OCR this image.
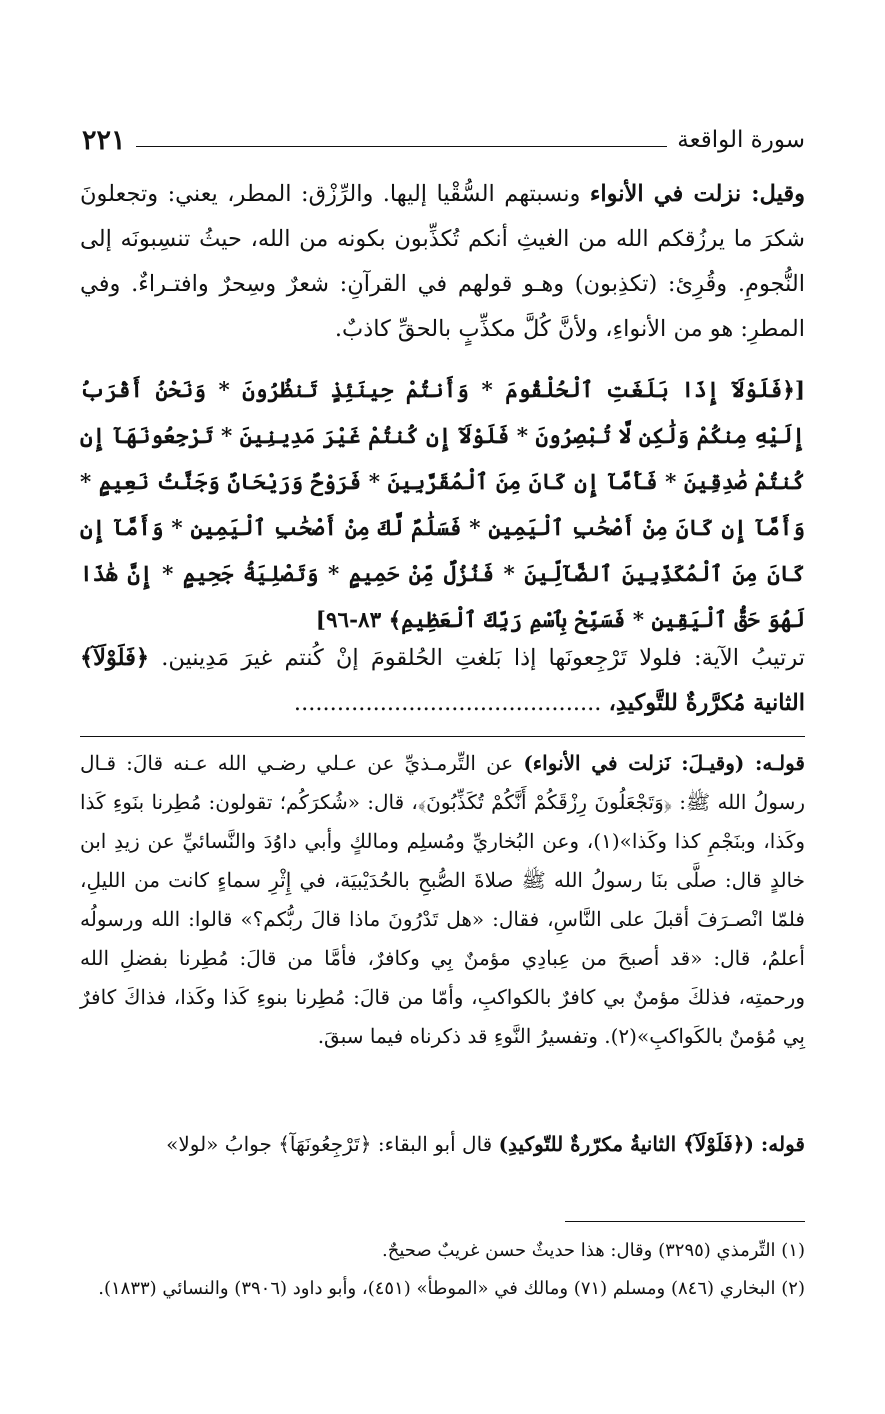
سورة الواقعة
٢٢١

وقيل: نزلت في الأنواء ونسبتهم السُّقْيا إليها. والرِّزْق: المطر، يعني: وتجعلونَ شكرَ ما يرزُقكم الله من الغيثِ أنكم تُكذِّبون بكونه من الله، حيثُ تنسِبونَه إلى النُّجومِ. وقُرِئ: (تكذِبون) وهـو قولهم في القرآنِ: شعرٌ وسِحرٌ وافتـراءٌ. وفي المطرِ: هو من الأنواءِ، ولأنَّ كُلَّ مكذِّبٍ بالحقِّ كاذبٌ.

[﴿فَلَوْلَآ إِذَا بَلَغَتِ ٱلْحُلْقُومَ * وَأَنتُمْ حِينَئِذٍ تَنظُرُونَ * وَنَحْنُ أَقْرَبُ إِلَيْهِ مِنكُمْ وَلَٰكِن لَّا تُبْصِرُونَ * فَلَوْلَآ إِن كُنتُمْ غَيْرَ مَدِينِينَ * تَرْجِعُونَهَآ إِن كُنتُمْ صَٰدِقِينَ * فَأَمَّآ إِن كَانَ مِنَ ٱلْمُقَرَّبِينَ * فَرَوْحٌ وَرَيْحَانٌ وَجَنَّتُ نَعِيمٍ * وَأَمَّآ إِن كَانَ مِنْ أَصْحَٰبِ ٱلْيَمِينِ * فَسَلَٰمٌ لَّكَ مِنْ أَصْحَٰبِ ٱلْيَمِينِ * وَأَمَّآ إِن كَانَ مِنَ ٱلْمُكَذِّبِينَ ٱلضَّآلِّينَ * فَنُزُلٌ مِّنْ حَمِيمٍ * وَتَصْلِيَةُ جَحِيمٍ * إِنَّ هَٰذَا لَهُوَ حَقُّ ٱلْيَقِينِ * فَسَبِّحْ بِٱسْمِ رَبِّكَ ٱلْعَظِيمِ﴾ ٨٣-٩٦]

ترتيبُ الآية: فلولا تَرْجِعونَها إذا بَلغتِ الحُلقومَ إنْ كُنتم غيرَ مَدِينين. ﴿فَلَوْلَآ﴾ الثانية مُكرَّرةٌ للتَّوكيدِ، ...........................................

قولـه: (وقيـلَ: نَزلت في الأنواء) عن التِّرمـذيِّ عن عـلي رضـي الله عـنه قالَ: قـال رسولُ الله ﷺ: ﴿وَتَجْعَلُونَ رِزْقَكُمْ أَنَّكُمْ تُكَذِّبُونَ﴾، قال: «شُكرَكُم؛ تقولون: مُطِرنا بنَوءِ كَذا وكَذا، وبنَجْمِ كذا وكَذا»(١)، وعن البُخاريِّ ومُسلِم ومالكٍ وأبي داوُدَ والنَّسائيِّ عن زيدِ ابن خالدٍ قال: صلَّى بنَا رسولُ الله ﷺ صلاةَ الصُّبحِ بالحُدَيْبيَة، في إِثْرِ سماءٍ كانت من الليلِ، فلمّا انْصـرَفَ أقبلَ على النَّاسِ، فقال: «هل تَدْرُونَ ماذا قالَ ربُّكم؟» قالوا: الله ورسولُه أعلمُ، قال: «قد أصبحَ من عِبادِي مؤمنٌ بِي وكافرٌ، فأمَّا من قالَ: مُطِرنا بفضلِ الله ورحمتِه، فذلكَ مؤمنٌ بي كافرٌ بالكواكبِ، وأمّا من قالَ: مُطِرنا بنوءِ كَذا وكَذا، فذاكَ كافرٌ بِي مُؤمنٌ بالكَواكبِ»(٢). وتفسيرُ النَّوءِ قد ذكرناه فيما سبقَ.

قوله: (﴿فَلَوْلَآ﴾ الثانيةُ مكرّرةٌ للتّوكيدِ) قال أبو البقاء: ﴿تَرْجِعُونَهَآ﴾ جوابُ «لولا»

(١) التِّرمذي (٣٢٩٥) وقال: هذا حديثٌ حسن غريبٌ صحيحٌ.
(٢) البخاري (٨٤٦) ومسلم (٧١) ومالك في «الموطأ» (٤٥١)، وأبو داود (٣٩٠٦) والنسائي (١٨٣٣).
